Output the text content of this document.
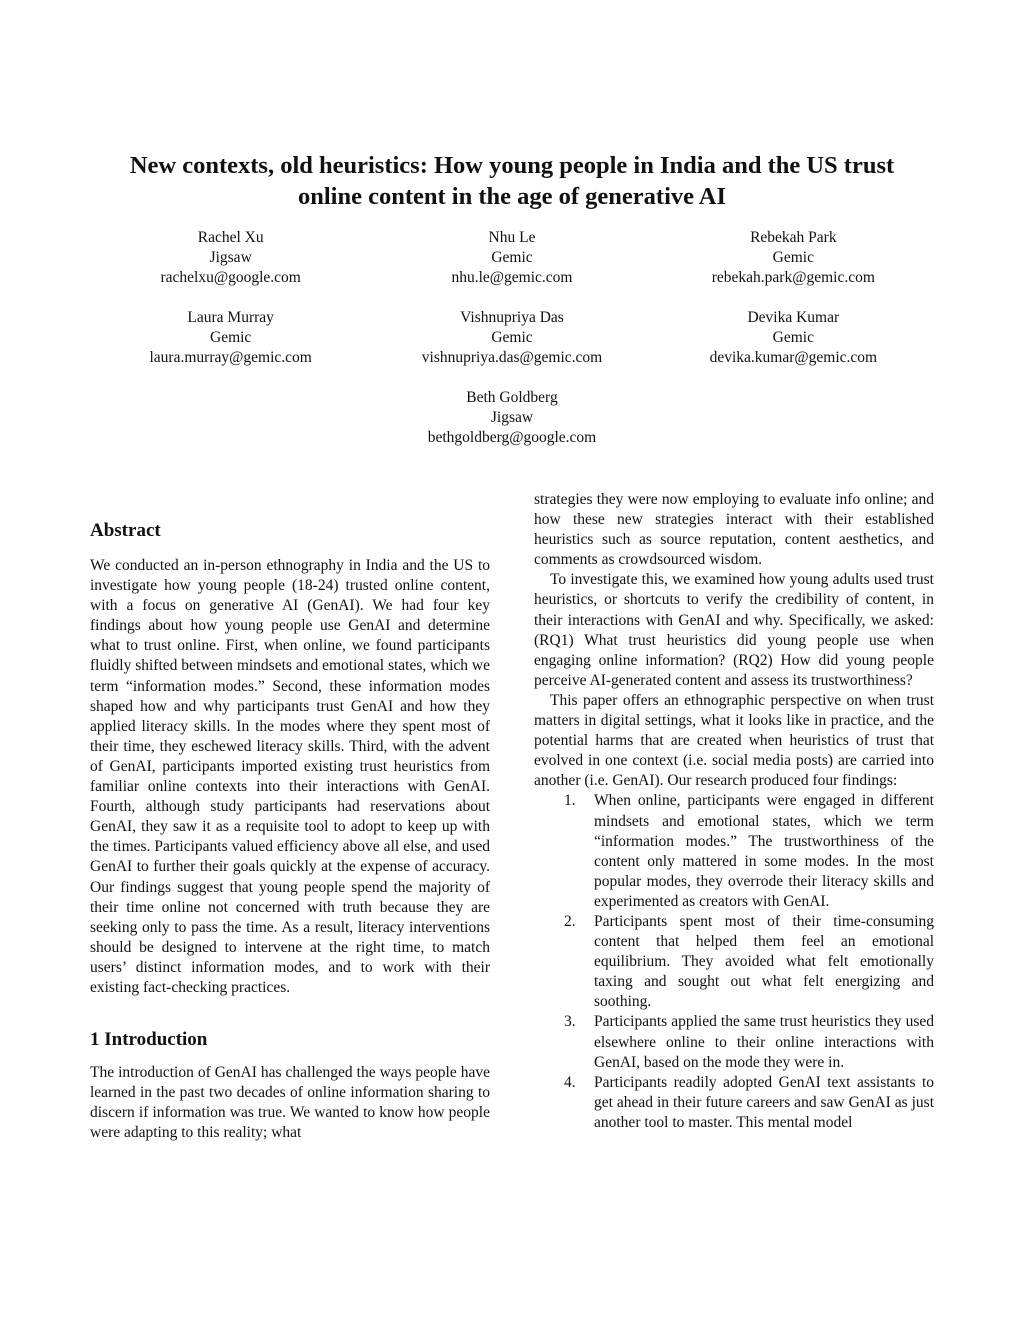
New contexts, old heuristics: How young people in India and the US trust
online content in the age of generative AI
Rachel Xu
Jigsaw
rachelxu@google.com
Nhu Le
Gemic
nhu.le@gemic.com
Rebekah Park
Gemic
rebekah.park@gemic.com
Laura Murray
Gemic
laura.murray@gemic.com
Vishnupriya Das
Gemic
vishnupriya.das@gemic.com
Devika Kumar
Gemic
devika.kumar@gemic.com
Beth Goldberg
Jigsaw
bethgoldberg@google.com
Abstract

We conducted an in-person ethnography in India and the US to investigate how young people (18-24) trusted online content, with a focus on generative AI (GenAI). We had four key findings about how young people use GenAI and determine what to trust online. First, when online, we found participants fluidly shifted between mindsets and emotional states, which we term “information modes.” Second, these information modes shaped how and why participants trust GenAI and how they applied literacy skills. In the modes where they spent most of their time, they eschewed literacy skills. Third, with the advent of GenAI, participants imported existing trust heuristics from familiar online contexts into their interactions with GenAI. Fourth, although study participants had reservations about GenAI, they saw it as a requisite tool to adopt to keep up with the times. Participants valued efficiency above all else, and used GenAI to further their goals quickly at the expense of accuracy. Our findings suggest that young people spend the majority of their time online not concerned with truth because they are seeking only to pass the time. As a result, literacy interventions should be designed to intervene at the right time, to match users’ distinct information modes, and to work with their existing fact-checking practices.

1 Introduction

The introduction of GenAI has challenged the ways people have learned in the past two decades of online information sharing to discern if information was true. We wanted to know how people were adapting to this reality; what

strategies they were now employing to evaluate info online; and how these new strategies interact with their established heuristics such as source reputation, content aesthetics, and comments as crowdsourced wisdom.

To investigate this, we examined how young adults used trust heuristics, or shortcuts to verify the credibility of content, in their interactions with GenAI and why. Specifically, we asked: (RQ1) What trust heuristics did young people use when engaging online information? (RQ2) How did young people perceive AI-generated content and assess its trustworthiness?

This paper offers an ethnographic perspective on when trust matters in digital settings, what it looks like in practice, and the potential harms that are created when heuristics of trust that evolved in one context (i.e. social media posts) are carried into another (i.e. GenAI). Our research produced four findings:

1.	When online, participants were engaged in different mindsets and emotional states, which we term “information modes.” The trustworthiness of the content only mattered in some modes. In the most popular modes, they overrode their literacy skills and experimented as creators with GenAI.
2.	Participants spent most of their time-consuming content that helped them feel an emotional equilibrium. They avoided what felt emotionally taxing and sought out what felt energizing and soothing.
3.	Participants applied the same trust heuristics they used elsewhere online to their online interactions with GenAI, based on the mode they were in.
4.	Participants readily adopted GenAI text assistants to get ahead in their future careers and saw GenAI as just another tool to master. This mental model
